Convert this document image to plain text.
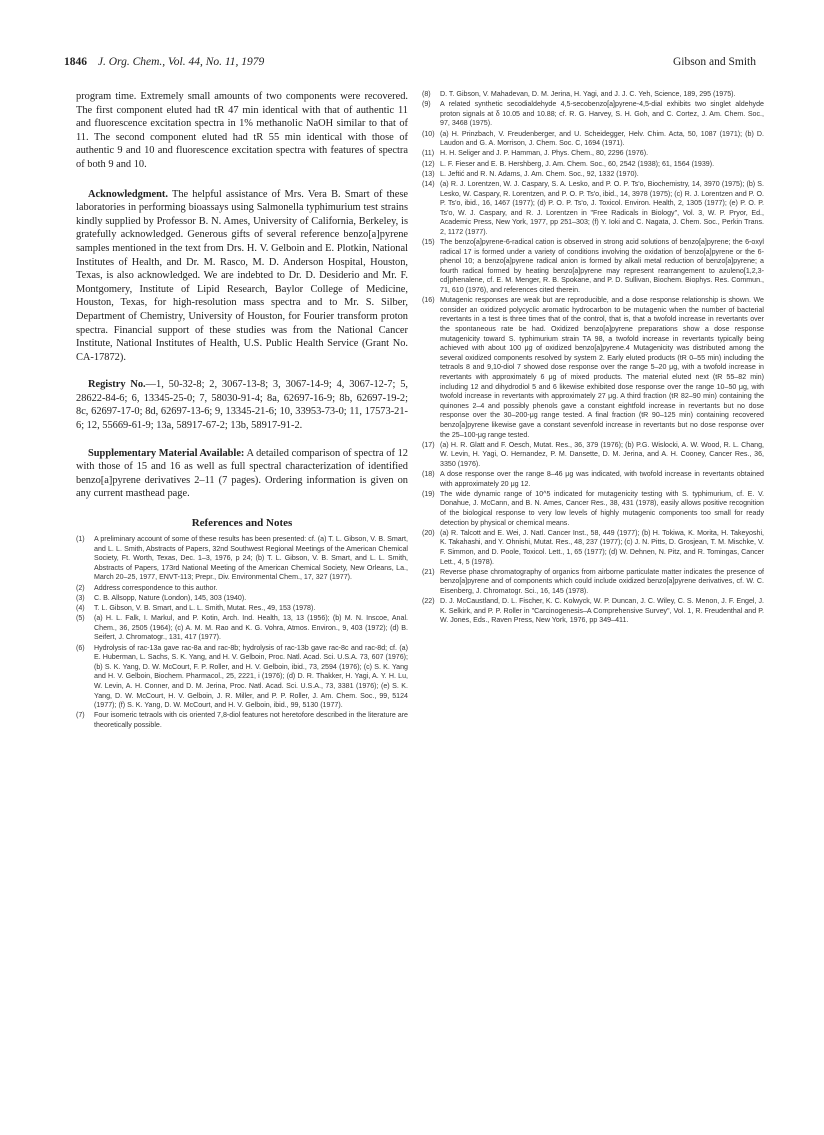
1846 J. Org. Chem., Vol. 44, No. 11, 1979	Gibson and Smith

program time. Extremely small amounts of two components were recovered. The first component eluted had tR 47 min identical with that of authentic 11 and fluorescence excitation spectra in 1% methanolic NaOH similar to that of 11. The second component eluted had tR 55 min identical with those of authentic 9 and 10 and fluorescence excitation spectra with features of spectra of both 9 and 10.

Acknowledgment. The helpful assistance of Mrs. Vera B. Smart of these laboratories in performing bioassays using Salmonella typhimurium test strains kindly supplied by Professor B. N. Ames, University of California, Berkeley, is gratefully acknowledged. Generous gifts of several reference benzo[a]pyrene samples mentioned in the text from Drs. H. V. Gelboin and E. Plotkin, National Institutes of Health, and Dr. M. Rasco, M. D. Anderson Hospital, Houston, Texas, is also acknowledged. We are indebted to Dr. D. Desiderio and Mr. F. Montgomery, Institute of Lipid Research, Baylor College of Medicine, Houston, Texas, for high-resolution mass spectra and to Mr. S. Silber, Department of Chemistry, University of Houston, for Fourier transform proton spectra. Financial support of these studies was from the National Cancer Institute, National Institutes of Health, U.S. Public Health Service (Grant No. CA-17872).

Registry No.—1, 50-32-8; 2, 3067-13-8; 3, 3067-14-9; 4, 3067-12-7; 5, 28622-84-6; 6, 13345-25-0; 7, 58030-91-4; 8a, 62697-16-9; 8b, 62697-19-2; 8c, 62697-17-0; 8d, 62697-13-6; 9, 13345-21-6; 10, 33953-73-0; 11, 17573-21-6; 12, 55669-61-9; 13a, 58917-67-2; 13b, 58917-91-2.

Supplementary Material Available: A detailed comparison of spectra of 12 with those of 15 and 16 as well as full spectral characterization of identified benzo[a]pyrene derivatives 2–11 (7 pages). Ordering information is given on any current masthead page.

References and Notes
(1)	A preliminary account of some of these results has been presented: cf. (a) T. L. Gibson, V. B. Smart, and L. L. Smith, Abstracts of Papers, 32nd Southwest Regional Meetings of the American Chemical Society, Ft. Worth, Texas, Dec. 1–3, 1976, p 24; (b) T. L. Gibson, V. B. Smart, and L. L. Smith, Abstracts of Papers, 173rd National Meeting of the American Chemical Society, New Orleans, La., March 20–25, 1977, ENVT-113; Prepr., Div. Environmental Chem., 17, 327 (1977).
(2)	Address correspondence to this author.
(3)	C. B. Allsopp, Nature (London), 145, 303 (1940).
(4)	T. L. Gibson, V. B. Smart, and L. L. Smith, Mutat. Res., 49, 153 (1978).
(5)	(a) H. L. Falk, I. Markul, and P. Kotin, Arch. Ind. Health, 13, 13 (1956); (b) M. N. Inscoe, Anal. Chem., 36, 2505 (1964); (c) A. M. M. Rao and K. G. Vohra, Atmos. Environ., 9, 403 (1972); (d) B. Seifert, J. Chromatogr., 131, 417 (1977).
(6)	Hydrolysis of rac-13a gave rac-8a and rac-8b; hydrolysis of rac-13b gave rac-8c and rac-8d; cf. (a) E. Huberman, L. Sachs, S. K. Yang, and H. V. Gelboin, Proc. Natl. Acad. Sci. U.S.A. 73, 607 (1976); (b) S. K. Yang, D. W. McCourt, F. P. Roller, and H. V. Gelboin, ibid., 73, 2594 (1976); (c) S. K. Yang and H. V. Gelboin, Biochem. Pharmacol., 25, 2221, i (1976); (d) D. R. Thakker, H. Yagi, A. Y. H. Lu, W. Levin, A. H. Conner, and D. M. Jerina, Proc. Natl. Acad. Sci. U.S.A., 73, 3381 (1976); (e) S. K. Yang, D. W. McCourt, H. V. Gelboin, J. R. Miller, and P. P. Roller, J. Am. Chem. Soc., 99, 5124 (1977); (f) S. K. Yang, D. W. McCourt, and H. V. Gelboin, ibid., 99, 5130 (1977).
(7)	Four isomeric tetraols with cis oriented 7,8-diol features not heretofore described in the literature are theoretically possible.
(8)	D. T. Gibson, V. Mahadevan, D. M. Jerina, H. Yagi, and J. J. C. Yeh, Science, 189, 295 (1975).
(9)	A related synthetic secodialdehyde 4,5-secobenzo[a]pyrene-4,5-dial exhibits two singlet aldehyde proton signals at δ 10.05 and 10.88; cf. R. G. Harvey, S. H. Goh, and C. Cortez, J. Am. Chem. Soc., 97, 3468 (1975).
(10) (a) H. Prinzbach, V. Freudenberger, and U. Scheidegger, Helv. Chim. Acta, 50, 1087 (1971); (b) D. Laudon and G. A. Morrison, J. Chem. Soc. C, 1694 (1971).
(11) H. H. Seliger and J. P. Hamman, J. Phys. Chem., 80, 2296 (1976).
(12) L. F. Fieser and E. B. Hershberg, J. Am. Chem. Soc., 60, 2542 (1938); 61, 1564 (1939).
(13) L. Jeftić and R. N. Adams, J. Am. Chem. Soc., 92, 1332 (1970).
(14) (a) R. J. Lorentzen, W. J. Caspary, S. A. Lesko, and P. O. P. Ts'o, Biochemistry, 14, 3970 (1975); (b) S. Lesko, W. Caspary, R. Lorentzen, and P. O. P. Ts'o, ibid., 14, 3978 (1975); (c) R. J. Lorentzen and P. O. P. Ts'o, ibid., 16, 1467 (1977); (d) P. O. P. Ts'o, J. Toxicol. Environ. Health, 2, 1305 (1977); (e) P. O. P. Ts'o, W. J. Caspary, and R. J. Lorentzen in "Free Radicals in Biology", Vol. 3, W. P. Pryor, Ed., Academic Press, New York, 1977, pp 251–303; (f) Y. Ioki and C. Nagata, J. Chem. Soc., Perkin Trans. 2, 1172 (1977).
(15) The benzo[a]pyrene-6-radical cation is observed in strong acid solutions of benzo[a]pyrene; the 6-oxyl radical 17 is formed under a variety of conditions involving the oxidation of benzo[a]pyrene or the 6-phenol 10; a benzo[a]pyrene radical anion is formed by alkali metal reduction of benzo[a]pyrene; a fourth radical formed by heating benzo[a]pyrene may represent rearrangement to azuleno[1,2,3-cd]phenalene, cf. E. M. Menger, R. B. Spokane, and P. D. Sullivan, Biochem. Biophys. Res. Commun., 71, 610 (1976), and references cited therein.
(16) Mutagenic responses are weak but are reproducible, and a dose response relationship is shown. We consider an oxidized polycyclic aromatic hydrocarbon to be mutagenic when the number of bacterial revertants in a test is three times that of the control, that is, that a twofold increase in revertants over the spontaneous rate be had. Oxidized benzo[a]pyrene preparations show a dose response mutagenicity toward S. typhimurium strain TA 98, a twofold increase in revertants typically being achieved with about 100 μg of oxidized benzo[a]pyrene.4 Mutagenicity was distributed among the several oxidized components resolved by system 2. Early eluted products (tR 0–55 min) including the tetraols 8 and 9,10-diol 7 showed dose response over the range 5–20 μg, with a twofold increase in revertants with approximately 6 μg of mixed products. The material eluted next (tR 55–82 min) including 12 and dihydrodiol 5 and 6 likewise exhibited dose response over the range 10–50 μg, with twofold increase in revertants with approximately 27 μg. A third fraction (tR 82–90 min) containing the quinones 2–4 and possibly phenols gave a constant eightfold increase in revertants but no dose response over the 30–200-μg range tested. A final fraction (tR 90–125 min) containing recovered benzo[a]pyrene likewise gave a constant sevenfold increase in revertants but no dose response over the 25–100-μg range tested.
(17) (a) H. R. Glatt and F. Oesch, Mutat. Res., 36, 379 (1976); (b) P.G. Wislocki, A. W. Wood, R. L. Chang, W. Levin, H. Yagi, O. Hernandez, P. M. Dansette, D. M. Jerina, and A. H. Cooney, Cancer Res., 36, 3350 (1976).
(18) A dose response over the range 8–46 μg was indicated, with twofold increase in revertants obtained with approximately 20 μg 12.
(19) The wide dynamic range of 10^5 indicated for mutagenicity testing with S. typhimurium, cf. E. V. Donahue, J. McCann, and B. N. Ames, Cancer Res., 38, 431 (1978), easily allows positive recognition of the biological response to very low levels of highly mutagenic components too small for ready detection by physical or chemical means.
(20) (a) R. Talcott and E. Wei, J. Natl. Cancer Inst., 58, 449 (1977); (b) H. Tokiwa, K. Morita, H. Takeyoshi, K. Takahashi, and Y. Ohnishi, Mutat. Res., 48, 237 (1977); (c) J. N. Pitts, D. Grosjean, T. M. Mischke, V. F. Simmon, and D. Poole, Toxicol. Lett., 1, 65 (1977); (d) W. Dehnen, N. Pitz, and R. Tomingas, Cancer Lett., 4, 5 (1978).
(21) Reverse phase chromatography of organics from airborne particulate matter indicates the presence of benzo[a]pyrene and of components which could include oxidized benzo[a]pyrene derivatives, cf. W. C. Eisenberg, J. Chromatogr. Sci., 16, 145 (1978).
(22) D. J. McCaustland, D. L. Fischer, K. C. Kolwyck, W. P. Duncan, J. C. Wiley, C. S. Menon, J. F. Engel, J. K. Selkirk, and P. P. Roller in "Carcinogenesis–A Comprehensive Survey", Vol. 1, R. Freudenthal and P. W. Jones, Eds., Raven Press, New York, 1976, pp 349–411.
